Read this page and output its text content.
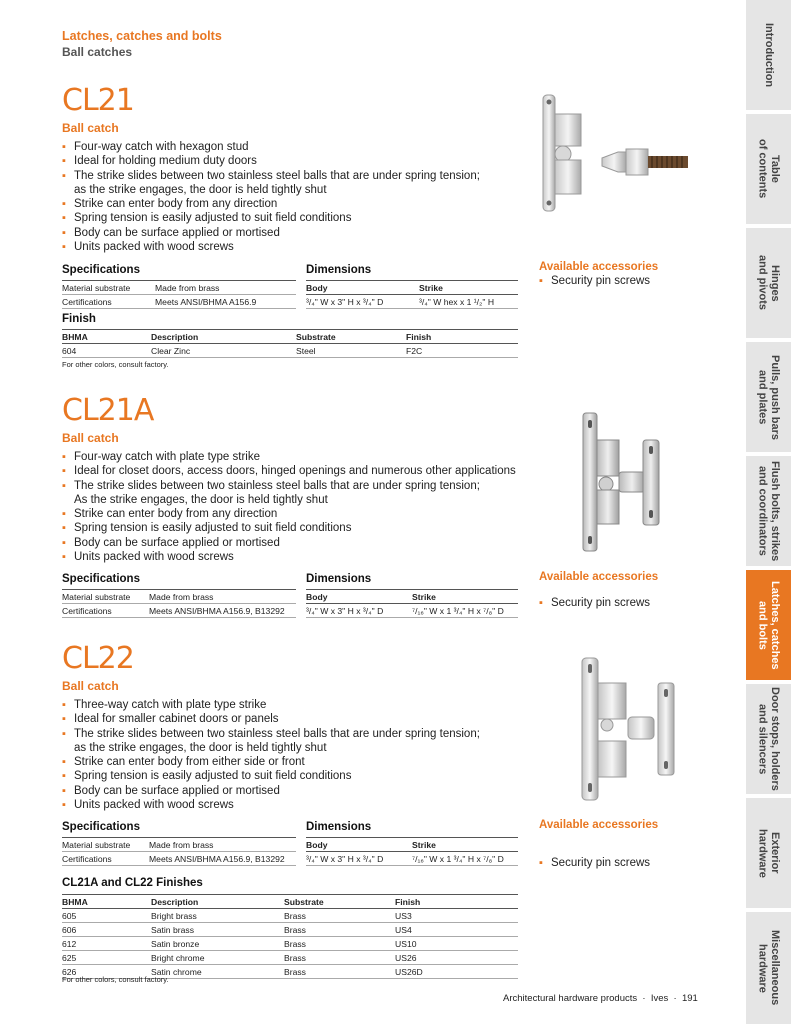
Latches, catches and bolts
Ball catches
CL21
Ball catch
▪ Four-way catch with hexagon stud
▪ Ideal for holding medium duty doors
▪ The strike slides between two stainless steel balls that are under spring tension;
as the strike engages, the door is held tightly shut
▪ Strike can enter body from any direction
▪ Spring tension is easily adjusted to suit field conditions
▪ Body can be surface applied or mortised
▪ Units packed with wood screws
Specifications
Material substrate	Made from brass
Certifications	Meets ANSI/BHMA A156.9
Dimensions
Body	Strike
³/₄" W x 3" H x ³/₄" D	³/₄" W hex x 1 ¹/₂" H
Finish
BHMA	Description	Substrate	Finish
604	Clear Zinc	Steel	F2C
For other colors, consult factory.
Available accessories
▪ Security pin screws
CL21A
Ball catch
▪ Four-way catch with plate type strike
▪ Ideal for closet doors, access doors, hinged openings and numerous other applications
▪ The strike slides between two stainless steel balls that are under spring tension;
As the strike engages, the door is held tightly shut
▪ Strike can enter body from any direction
▪ Spring tension is easily adjusted to suit field conditions
▪ Body can be surface applied or mortised
▪ Units packed with wood screws
Specifications
Material substrate	Made from brass
Certifications	Meets ANSI/BHMA A156.9, B13292
Dimensions
Body	Strike
³/₄" W x 3" H x ³/₄" D	⁷/₁₆" W x 1 ³/₄" H x ⁷/₈" D
Available accessories
▪ Security pin screws
CL22
Ball catch
▪ Three-way catch with plate type strike
▪ Ideal for smaller cabinet doors or panels
▪ The strike slides between two stainless steel balls that are under spring tension;
as the strike engages, the door is held tightly shut
▪ Strike can enter body from either side or front
▪ Spring tension is easily adjusted to suit field conditions
▪ Body can be surface applied or mortised
▪ Units packed with wood screws
Specifications
Material substrate	Made from brass
Certifications	Meets ANSI/BHMA A156.9, B13292
Dimensions
Body	Strike
³/₄" W x 3" H x ³/₄" D	⁷/₁₆" W x 1 ³/₄" H x ⁷/₈" D
Available accessories
▪ Security pin screws
CL21A and CL22 Finishes
BHMA	Description	Substrate	Finish
605	Bright brass	Brass	US3
606	Satin brass	Brass	US4
612	Satin bronze	Brass	US10
625	Bright chrome	Brass	US26
626	Satin chrome	Brass	US26D
For other colors, consult factory.
Introduction
Table
of contents
Hinges
and pivots
Pulls, push bars
and plates
Flush bolts, strikes
and coordinators
Latches, catches
and bolts
Door stops, holders
and silencers
Exterior
hardware
Miscellaneous
hardware
Architectural hardware products  ·  Ives  ·  191
